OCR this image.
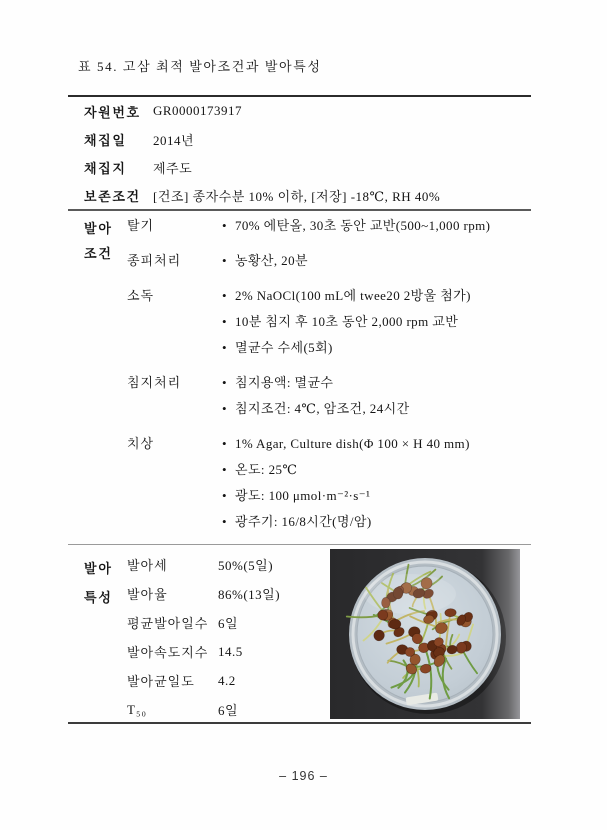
표 54. 고삼 최적 발아조건과 발아특성
자원번호 GR0000173917
채집일	2014년
채집지	제주도
보존조건 [건조] 종자수분 10% 이하, [저장] -18℃, RH 40%
발아
조건
탈기	• 70% 에탄올, 30초 동안 교반(500~1,000 rpm)
종피처리	• 농황산, 20분
소독	• 2% NaOCl(100 mL에 twee20 2방울 첨가)
• 10분 침지 후 10초 동안 2,000 rpm 교반
• 멸균수 수세(5회)
침지처리	• 침지용액: 멸균수
• 침지조건: 4℃, 암조건, 24시간
치상	• 1% Agar, Culture dish(Φ 100 × H 40 mm)
• 온도: 25℃
• 광도: 100 μmol·m⁻²·s⁻¹
• 광주기: 16/8시간(명/암)
발아
특성
발아세	50%(5일)
발아율	86%(13일)
평균발아일수 6일
발아속도지수 14.5
발아균일도	4.2
T₅₀	6일
– 196 –
